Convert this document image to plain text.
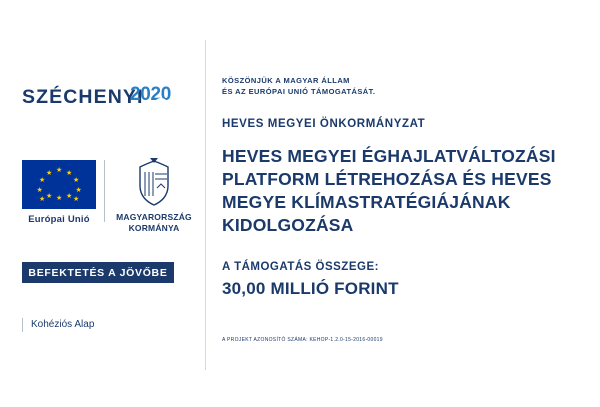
SZÉCHENYI
2020
★ ★
★
★
★
★
★
★
★
★
★
★
Európai Unió	MAGYARORSZÁG
KORMÁNYA
BEFEKTETÉS A JÖVŐBE
Kohéziós Alap
KÖSZÖNJÜK A MAGYAR ÁLLAM
ÉS AZ EURÓPAI UNIÓ TÁMOGATÁSÁT.
HEVES MEGYEI ÖNKORMÁNYZAT
HEVES MEGYEI ÉGHAJLATVÁLTOZÁSI PLATFORM LÉTREHOZÁSA ÉS HEVES MEGYE KLÍMASTRATÉGIÁJÁNAK KIDOLGOZÁSA
A TÁMOGATÁS ÖSSZEGE:
30,00 MILLIÓ FORINT
A PROJEKT AZONOSÍTÓ SZÁMA: KEHOP-1.2.0-15-2016-00019
